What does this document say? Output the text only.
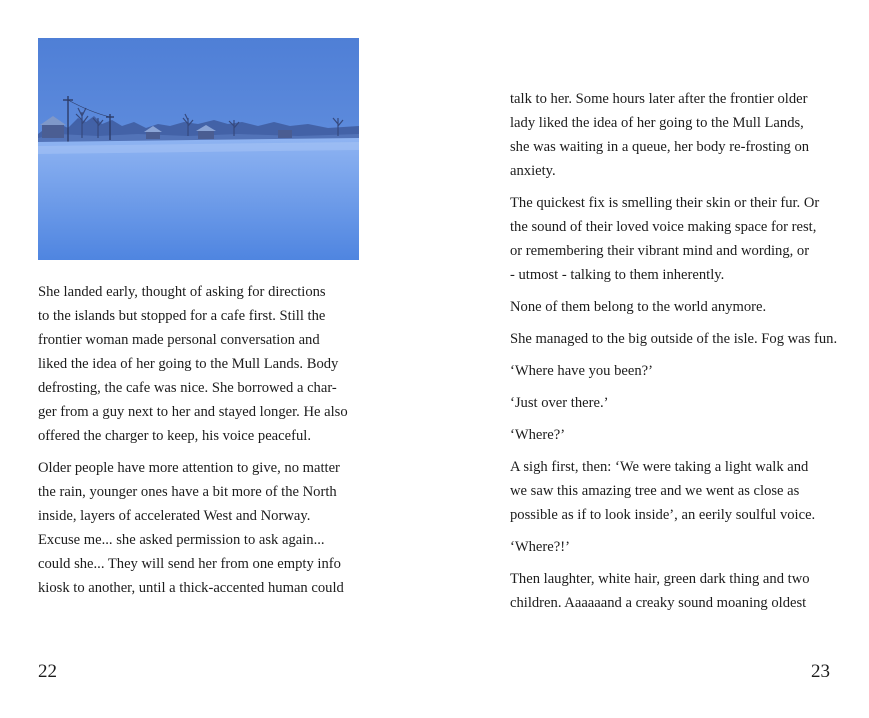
She landed early, thought of asking for directions
to the islands but stopped for a cafe first. Still the
frontier woman made personal conversation and
liked the idea of her going to the Mull Lands. Body
defrosting, the cafe was nice. She borrowed a char-
ger from a guy next to her and stayed longer. He also
offered the charger to keep, his voice peaceful.

Older people have more attention to give, no matter
the rain, younger ones have a bit more of the North
inside, layers of accelerated West and Norway.
Excuse me... she asked permission to ask again...
could she... They will send her from one empty info
kiosk to another, until a thick-accented human could

22

talk to her. Some hours later after the frontier older
lady liked the idea of her going to the Mull Lands,
she was waiting in a queue, her body re-frosting on
anxiety.

The quickest fix is smelling their skin or their fur. Or
the sound of their loved voice making space for rest,
or remembering their vibrant mind and wording, or
- utmost - talking to them inherently.

None of them belong to the world anymore.

She managed to the big outside of the isle. Fog was fun.

‘Where have you been?’

‘Just over there.’

‘Where?’

A sigh first, then: ‘We were taking a light walk and
we saw this amazing tree and we went as close as
possible as if to look inside’, an eerily soulful voice.

‘Where?!’

Then laughter, white hair, green dark thing and two
children. Aaaaaand a creaky sound moaning oldest

23
